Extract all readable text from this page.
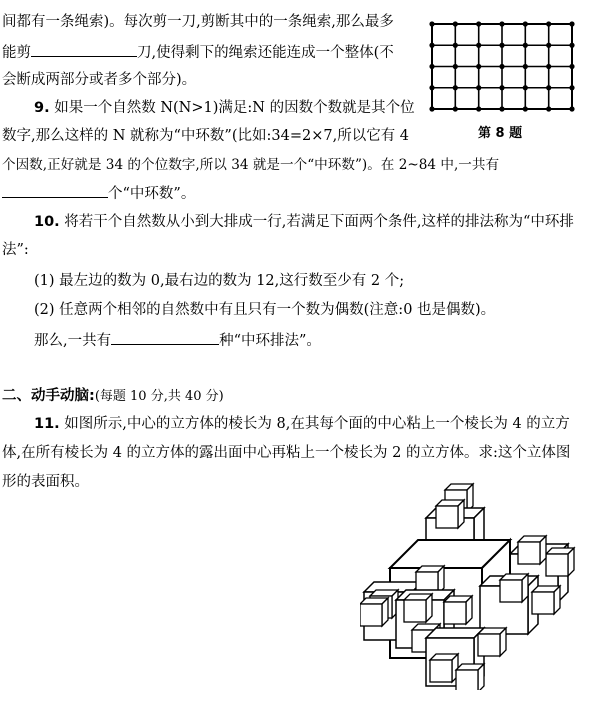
间都有一条绳索)。每次剪一刀,剪断其中的一条绳索,那么最多
能剪	刀,使得剩下的绳索还能连成一个整体(不
会断成两部分或者多个部分)。
第 8 题
9. 如果一个自然数 N(N>1)满足:N 的因数个数就是其个位
数字,那么这样的 N 就称为“中环数”(比如:34=2×7,所以它有 4
个因数,正好就是 34 的个位数字,所以 34 就是一个“中环数”)。在 2~84 中,一共有
个“中环数”。
10. 将若干个自然数从小到大排成一行,若满足下面两个条件,这样的排法称为“中环排
法”:
(1) 最左边的数为 0,最右边的数为 12,这行数至少有 2 个;
(2) 任意两个相邻的自然数中有且只有一个数为偶数(注意:0 也是偶数)。
那么,一共有	种“中环排法”。
二、动手动脑:(每题 10 分,共 40 分)
11. 如图所示,中心的立方体的棱长为 8,在其每个面的中心粘上一个棱长为 4 的立方
体,在所有棱长为 4 的立方体的露出面中心再粘上一个棱长为 2 的立方体。求:这个立体图
形的表面积。
